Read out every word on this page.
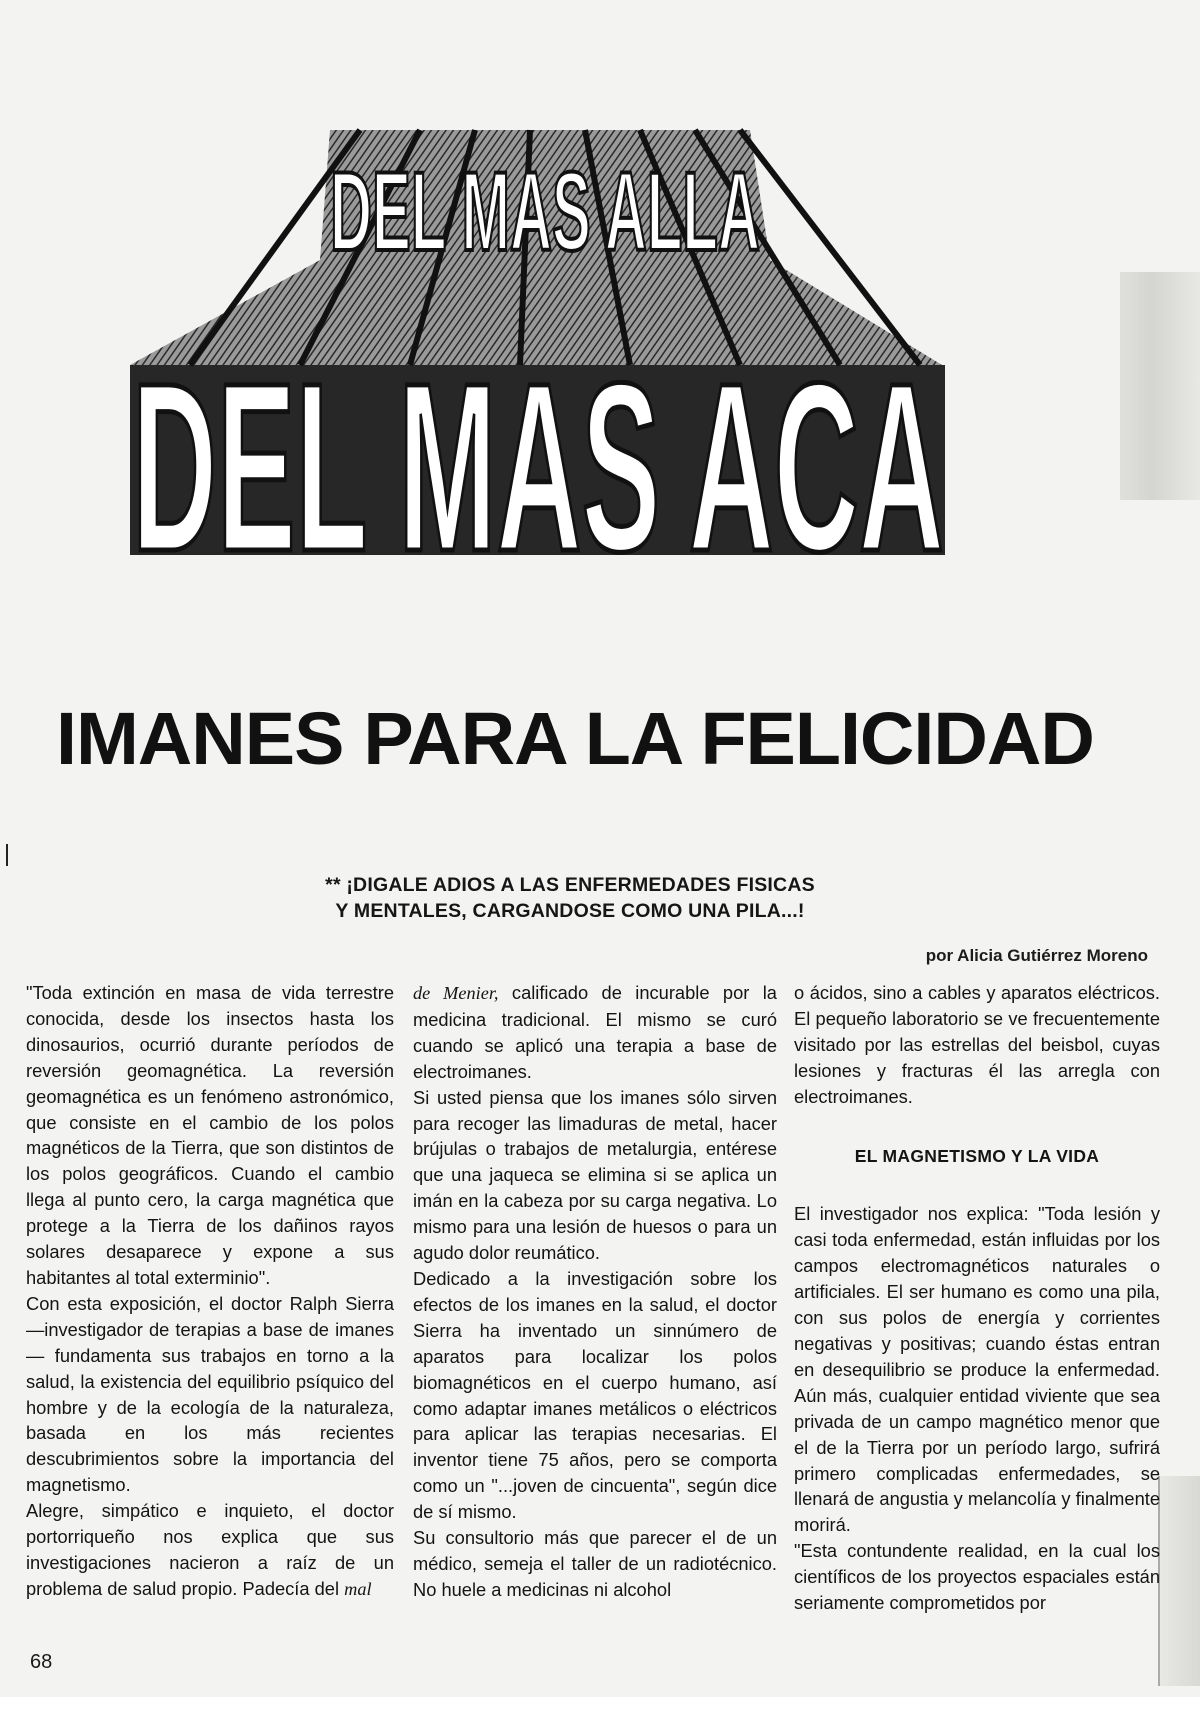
DEL MAS ALLA
DEL MAS ACA
IMANES PARA LA FELICIDAD
** ¡DIGALE ADIOS A LAS ENFERMEDADES FISICAS
Y MENTALES, CARGANDOSE COMO UNA PILA...!
por Alicia Gutiérrez Moreno

"Toda extinción en masa de vida terrestre conocida, desde los insectos hasta los dinosaurios, ocurrió durante períodos de reversión geomagnética. La reversión geomagnética es un fenómeno astronómico, que consiste en el cambio de los polos magnéticos de la Tierra, que son distintos de los polos geográficos. Cuando el cambio llega al punto cero, la carga magnética que protege a la Tierra de los dañinos rayos solares desaparece y expone a sus habitantes al total exterminio".

Con esta exposición, el doctor Ralph Sierra —investigador de terapias a base de imanes— fundamenta sus trabajos en torno a la salud, la existencia del equilibrio psíquico del hombre y de la ecología de la naturaleza, basada en los más recientes descubrimientos sobre la importancia del magnetismo.

Alegre, simpático e inquieto, el doctor portorriqueño nos explica que sus investigaciones nacieron a raíz de un problema de salud propio. Padecía del mal

de Menier, calificado de incurable por la medicina tradicional. El mismo se curó cuando se aplicó una terapia a base de electroimanes.

Si usted piensa que los imanes sólo sirven para recoger las limaduras de metal, hacer brújulas o trabajos de metalurgia, entérese que una jaqueca se elimina si se aplica un imán en la cabeza por su carga negativa. Lo mismo para una lesión de huesos o para un agudo dolor reumático.

Dedicado a la investigación sobre los efectos de los imanes en la salud, el doctor Sierra ha inventado un sinnúmero de aparatos para localizar los polos biomagnéticos en el cuerpo humano, así como adaptar imanes metálicos o eléctricos para aplicar las terapias necesarias. El inventor tiene 75 años, pero se comporta como un "...joven de cincuenta", según dice de sí mismo.

Su consultorio más que parecer el de un médico, semeja el taller de un radiotécnico. No huele a medicinas ni alcohol

o ácidos, sino a cables y aparatos eléctricos. El pequeño laboratorio se ve frecuentemente visitado por las estrellas del beisbol, cuyas lesiones y fracturas él las arregla con electroimanes.

EL MAGNETISMO Y LA VIDA

El investigador nos explica: "Toda lesión y casi toda enfermedad, están influidas por los campos electromagnéticos naturales o artificiales. El ser humano es como una pila, con sus polos de energía y corrientes negativas y positivas; cuando éstas entran en desequilibrio se produce la enfermedad. Aún más, cualquier entidad viviente que sea privada de un campo magnético menor que el de la Tierra por un período largo, sufrirá primero complicadas enfermedades, se llenará de angustia y melancolía y finalmente morirá.

"Esta contundente realidad, en la cual los científicos de los proyectos espaciales están seriamente comprometidos por

68
